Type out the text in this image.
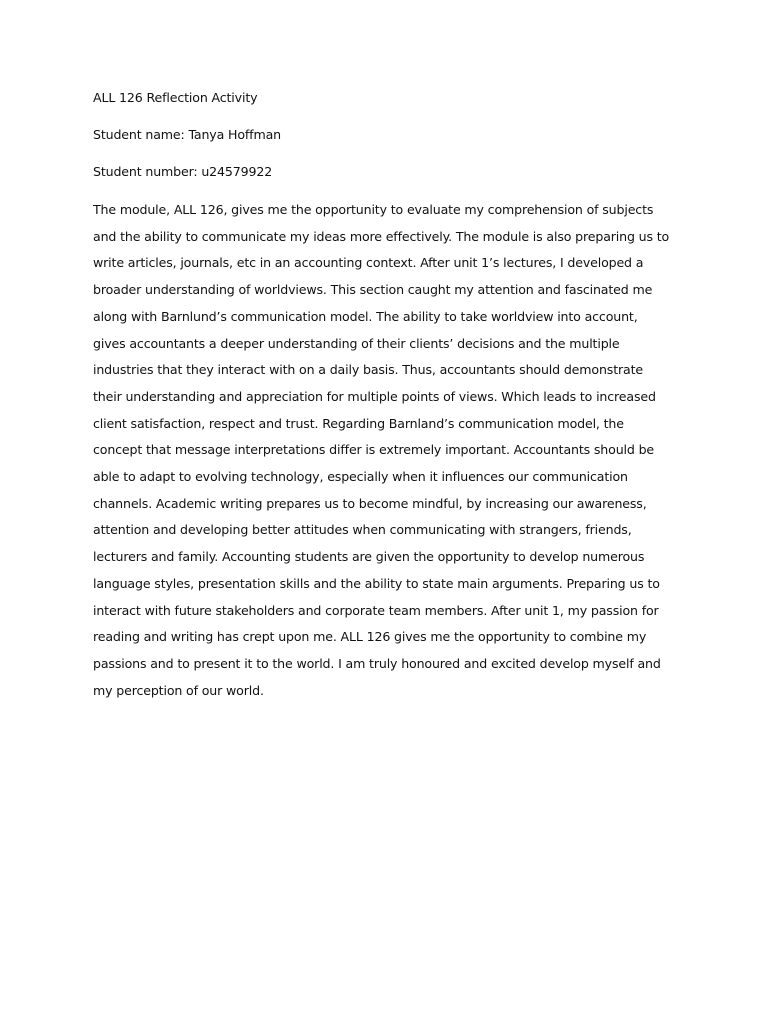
ALL 126 Reflection Activity

Student name: Tanya Hoffman

Student number: u24579922

The module, ALL 126, gives me the opportunity to evaluate my comprehension of subjects
and the ability to communicate my ideas more effectively. The module is also preparing us to
write articles, journals, etc in an accounting context. After unit 1’s lectures, I developed a
broader understanding of worldviews. This section caught my attention and fascinated me
along with Barnlund’s communication model. The ability to take worldview into account,
gives accountants a deeper understanding of their clients’ decisions and the multiple
industries that they interact with on a daily basis. Thus, accountants should demonstrate
their understanding and appreciation for multiple points of views. Which leads to increased
client satisfaction, respect and trust. Regarding Barnland’s communication model, the
concept that message interpretations differ is extremely important. Accountants should be
able to adapt to evolving technology, especially when it influences our communication
channels. Academic writing prepares us to become mindful, by increasing our awareness,
attention and developing better attitudes when communicating with strangers, friends,
lecturers and family. Accounting students are given the opportunity to develop numerous
language styles, presentation skills and the ability to state main arguments. Preparing us to
interact with future stakeholders and corporate team members. After unit 1, my passion for
reading and writing has crept upon me. ALL 126 gives me the opportunity to combine my
passions and to present it to the world. I am truly honoured and excited develop myself and
my perception of our world.
